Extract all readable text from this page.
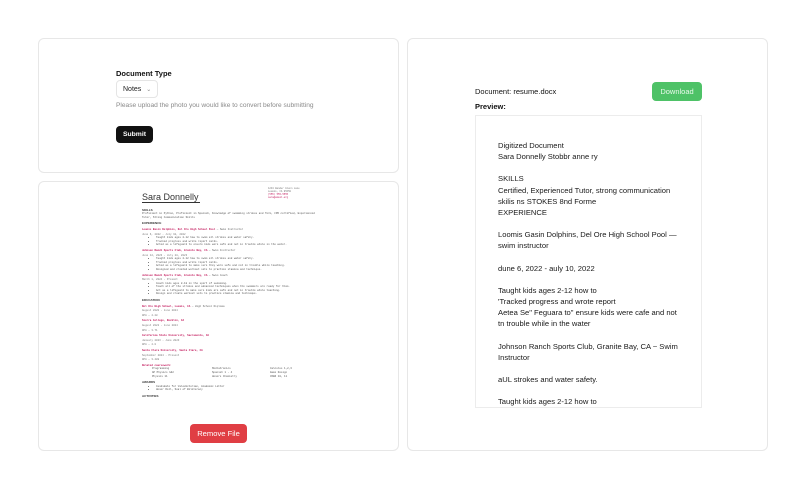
Document Type
Notes ⌄
Please upload the photo you would like to convert before submitting
Submit
1234 Wander Glenn Lane
Loomis, CA 95650
(555) 555-5555
sara@email.org
Sara Donnelly
SKILLS
Proficient in Python, Proficient in Spanish, Knowledge of swimming strokes and form, CPR certified, Experienced Tutor, Strong Communication Skills
EXPERIENCE
Loomis Basin Dolphins, Del Oro High School Pool — Swim Instructor
June 6, 2022 - July 10, 2022
• Taught kids ages 2-12 how to swim all strokes and water safety.
• Tracked progress and wrote report cards.
• Acted as a lifeguard to ensure kids were safe and not in trouble while in the water.
Johnson Ranch Sports Club, Granite Bay, CA — Swim Instructor
June 12, 2023 - July 28, 2023
• Taught kids ages 2-12 how to swim all strokes and water safety.
• Tracked progress and wrote report cards.
• Acted as a lifeguard to make sure they were safe and not in trouble while teaching.
• Designed and created workout sets to practice stamina and technique.
Johnson Ranch Sports Club, Granite Bay, CA — Swim Coach
March 1, 2024 - Present
• Coach kids ages 8-18 in the sport of swimming.
• Teach all of the strokes and advanced techniques when the swimmers are ready for them.
• Act as a lifeguard to make sure kids are safe and not in trouble while teaching.
• Design and create workout sets to practice stamina and technique.
EDUCATION
Del Oro High School, Loomis, CA — High School Diploma
August 2020 - June 2024
GPA — 4.28
Sierra College, Rocklin, CA
August 2022 - June 2024
GPA — 3.71
California State University, Sacramento, CA
January 2023 - June 2023
GPA — 4.0
Santa Clara University, Santa Clara, CA
September 2024 - Present
GPA — 3.488
Related coursework:
Programming	Mechatronics	Calculus 1,2,3
AP Physics 1&2	Spanish 1 - 4	Game Design
Physics 11	Honors Chemistry	COEN 10, 11
AWARDS
• Candidate for Valedictorian, Academic Letter
• Honor Roll, Seal of Biliteracy
ACTIVITIES
Remove File
Document: resume.docx	Download
Preview:
Digitized Document
Sara Donnelly Stobbr anne ry
SKILLS
Certified, Experienced Tutor, strong communication skilis ns STOKES 8nd Forme
EXPERIENCE
Loomis Gasin Dolphins, Del Ore High School Pool — swim instructor
dune 6, 2022 - auly 10, 2022
Taught kids ages 2-12 how to
'Tracked progress and wrote report
Aetea Se" Feguara to" ensure kids were cafe and not tn trouble while in the water
Johnson Ranch Sports Club, Granite Bay, CA ~ Swim Instructor
aUL strokes and water safety.
Taught kids ages 2-12 how to
